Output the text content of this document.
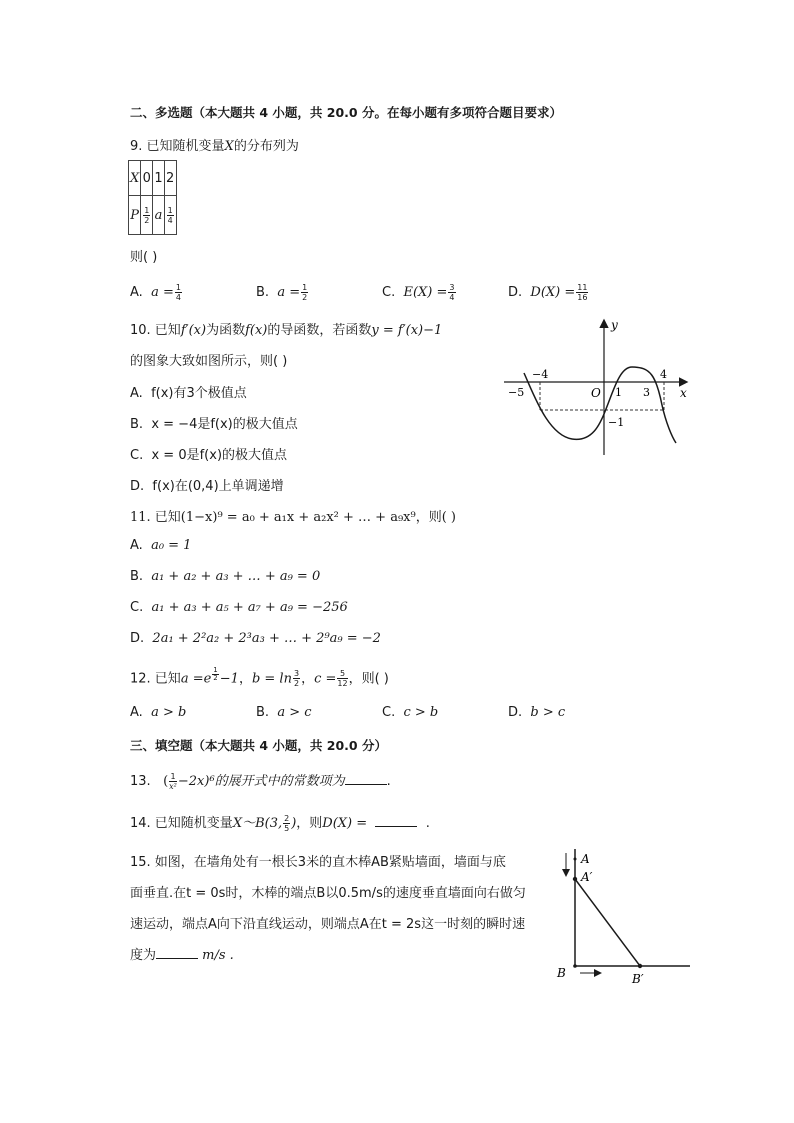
二、多选题（本大题共 4 小题，共 20.0 分。在每小题有多项符合题目要求）
9. 已知随机变量X的分布列为
X	0	1	2
P	$\frac{1}{2}$	a	$\frac{1}{4}$
则( )
A. $a = \frac{1}{4}$	B. $a = \frac{1}{2}$	C. $E(X) = \frac{3}{4}$	D. $D(X) = \frac{11}{16}$
10. 已知f′(x)为函数f(x)的导函数，若函数y = f′(x)−1
的图象大致如图所示，则( )
A. f(x)有3个极值点
B. x = −4是f(x)的极大值点
C. x = 0是f(x)的极大值点
D. f(x)在(0,4)上单调递增
y
x
O
−4
−5	1 3
4
−1
11. 已知(1−x)⁹ = a₀ + a₁x + a₂x² + … + a₉x⁹，则( )
A. a₀ = 1
B. a₁ + a₂ + a₃ + … + a₉ = 0
C. a₁ + a₃ + a₅ + a₇ + a₉ = −256
D. 2a₁ + 2²a₂ + 2³a₃ + … + 2⁹a₉ = −2
12. 已知a =e $^{\frac{1}{2}}$ −1，$b = \ln \frac{3}{2}$ ，$c = \frac{5}{12}$ ，则( )
A. a > b	B. a > c	C. c > b	D. b > c
三、填空题（本大题共 4 小题，共 20.0 分）
13. ( $\frac{1}{\text{x²}} -2x)^6$的展开式中的常数项为	.
14. 已知随机变量X～B(3, $\frac{2}{5}$ )，则D(X) =	.
15. 如图，在墙角处有一根长3米的直木棒AB紧贴墙面，墙面与底
面垂直.在t = 0s时，木棒的端点B以0.5m/s的速度垂直墙面向右做匀
速运动，端点A向下沿直线运动，则端点A在t = 2s这一时刻的瞬时速
度为	m/s .
A
A′
B	B′
